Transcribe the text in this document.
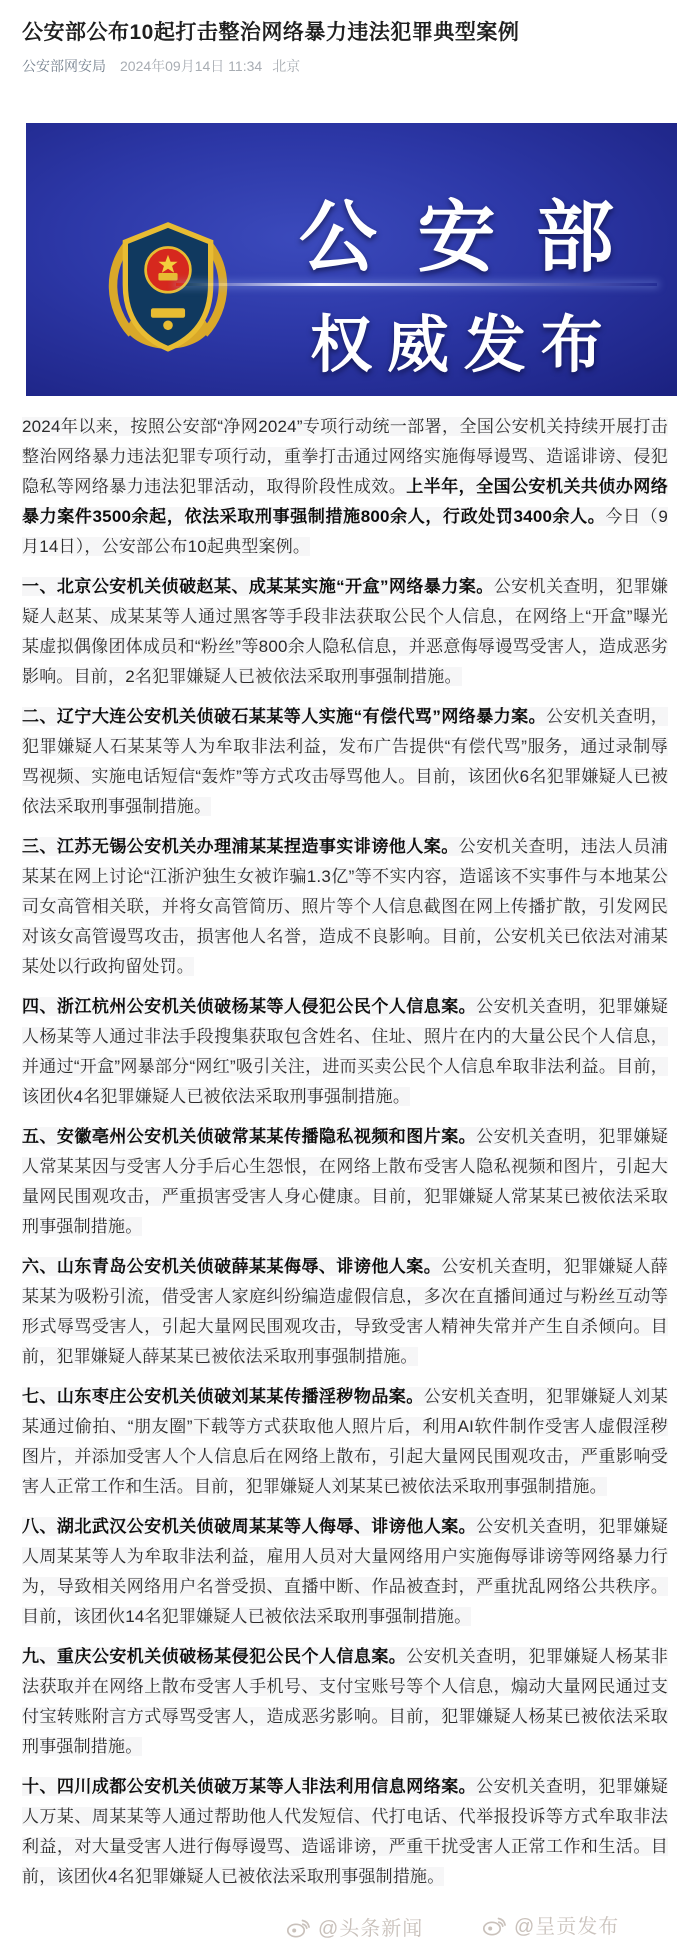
公安部公布10起打击整治网络暴力违法犯罪典型案例
公安部网安局 2024年09月14日 11:34 北京
公安部
权威发布

2024年以来，按照公安部“净网2024”专项行动统一部署，全国公安机关持续开展打击整治网络暴力违法犯罪专项行动，重拳打击通过网络实施侮辱谩骂、造谣诽谤、侵犯隐私等网络暴力违法犯罪活动，取得阶段性成效。上半年，全国公安机关共侦办网络暴力案件3500余起，依法采取刑事强制措施800余人，行政处罚3400余人。今日（9月14日），公安部公布10起典型案例。

一、北京公安机关侦破赵某、成某某实施“开盒”网络暴力案。公安机关查明，犯罪嫌疑人赵某、成某某等人通过黑客等手段非法获取公民个人信息，在网络上“开盒”曝光某虚拟偶像团体成员和“粉丝”等800余人隐私信息，并恶意侮辱谩骂受害人，造成恶劣影响。目前，2名犯罪嫌疑人已被依法采取刑事强制措施。

二、辽宁大连公安机关侦破石某某等人实施“有偿代骂”网络暴力案。公安机关查明，犯罪嫌疑人石某某等人为牟取非法利益，发布广告提供“有偿代骂”服务，通过录制辱骂视频、实施电话短信“轰炸”等方式攻击辱骂他人。目前，该团伙6名犯罪嫌疑人已被依法采取刑事强制措施。

三、江苏无锡公安机关办理浦某某捏造事实诽谤他人案。公安机关查明，违法人员浦某某在网上讨论“江浙沪独生女被诈骗1.3亿”等不实内容，造谣该不实事件与本地某公司女高管相关联，并将女高管简历、照片等个人信息截图在网上传播扩散，引发网民对该女高管谩骂攻击，损害他人名誉，造成不良影响。目前，公安机关已依法对浦某某处以行政拘留处罚。

四、浙江杭州公安机关侦破杨某等人侵犯公民个人信息案。公安机关查明，犯罪嫌疑人杨某等人通过非法手段搜集获取包含姓名、住址、照片在内的大量公民个人信息，并通过“开盒”网暴部分“网红”吸引关注，进而买卖公民个人信息牟取非法利益。目前，该团伙4名犯罪嫌疑人已被依法采取刑事强制措施。

五、安徽亳州公安机关侦破常某某传播隐私视频和图片案。公安机关查明，犯罪嫌疑人常某某因与受害人分手后心生怨恨，在网络上散布受害人隐私视频和图片，引起大量网民围观攻击，严重损害受害人身心健康。目前，犯罪嫌疑人常某某已被依法采取刑事强制措施。

六、山东青岛公安机关侦破薛某某侮辱、诽谤他人案。公安机关查明，犯罪嫌疑人薛某某为吸粉引流，借受害人家庭纠纷编造虚假信息，多次在直播间通过与粉丝互动等形式辱骂受害人，引起大量网民围观攻击，导致受害人精神失常并产生自杀倾向。目前，犯罪嫌疑人薛某某已被依法采取刑事强制措施。

七、山东枣庄公安机关侦破刘某某传播淫秽物品案。公安机关查明，犯罪嫌疑人刘某某通过偷拍、“朋友圈”下载等方式获取他人照片后，利用AI软件制作受害人虚假淫秽图片，并添加受害人个人信息后在网络上散布，引起大量网民围观攻击，严重影响受害人正常工作和生活。目前，犯罪嫌疑人刘某某已被依法采取刑事强制措施。

八、湖北武汉公安机关侦破周某某等人侮辱、诽谤他人案。公安机关查明，犯罪嫌疑人周某某等人为牟取非法利益，雇用人员对大量网络用户实施侮辱诽谤等网络暴力行为，导致相关网络用户名誉受损、直播中断、作品被查封，严重扰乱网络公共秩序。目前，该团伙14名犯罪嫌疑人已被依法采取刑事强制措施。

九、重庆公安机关侦破杨某侵犯公民个人信息案。公安机关查明，犯罪嫌疑人杨某非法获取并在网络上散布受害人手机号、支付宝账号等个人信息，煽动大量网民通过支付宝转账附言方式辱骂受害人，造成恶劣影响。目前，犯罪嫌疑人杨某已被依法采取刑事强制措施。

十、四川成都公安机关侦破万某等人非法利用信息网络案。公安机关查明，犯罪嫌疑人万某、周某某等人通过帮助他人代发短信、代打电话、代举报投诉等方式牟取非法利益，对大量受害人进行侮辱谩骂、造谣诽谤，严重干扰受害人正常工作和生活。目前，该团伙4名犯罪嫌疑人已被依法采取刑事强制措施。

@头条新闻	@呈贡发布
